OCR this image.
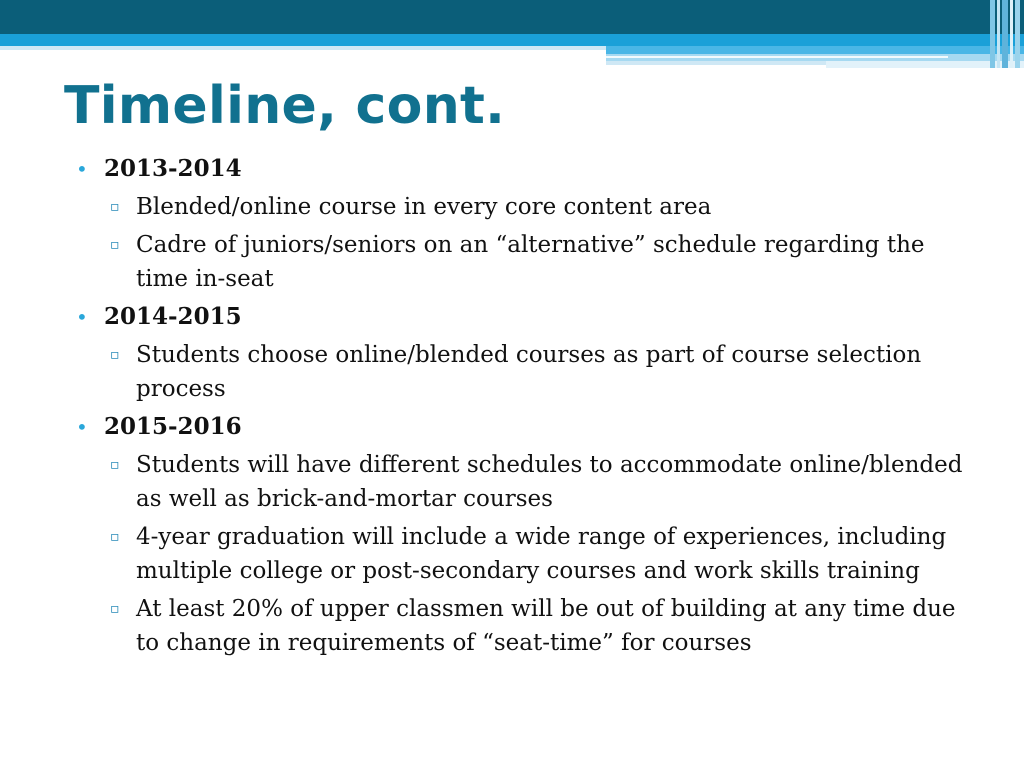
Timeline, cont.
• 2013-2014
▫ Blended/online course in every core content area
▫ Cadre of juniors/seniors on an “alternative” schedule regarding the time in-seat
• 2014-2015
▫ Students choose online/blended courses as part of course selection process
• 2015-2016
▫ Students will have different schedules to accommodate online/blended as well as brick-and-mortar courses
▫ 4-year graduation will include a wide range of experiences, including multiple college or post-secondary courses and work skills training
▫ At least 20% of upper classmen will be out of building at any time due to change in requirements of “seat-time” for courses
